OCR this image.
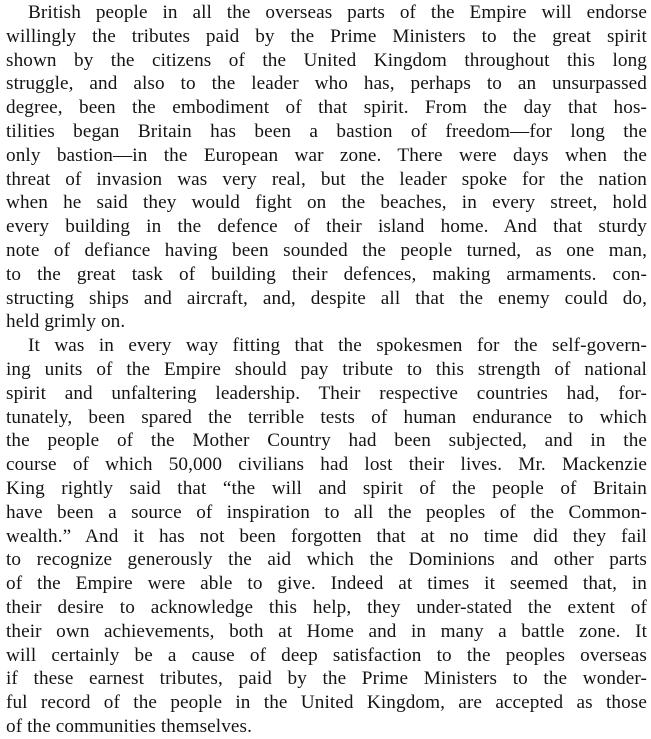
British people in all the overseas parts of the Empire will endorse
willingly the tributes paid by the Prime Ministers to the great spirit
shown by the citizens of the United Kingdom throughout this long
struggle, and also to the leader who has, perhaps to an unsurpassed
degree, been the embodiment of that spirit. From the day that hos-
tilities began Britain has been a bastion of freedom—for long the
only bastion—in the European war zone. There were days when the
threat of invasion was very real, but the leader spoke for the nation
when he said they would fight on the beaches, in every street, hold
every building in the defence of their island home. And that sturdy
note of defiance having been sounded the people turned, as one man,
to the great task of building their defences, making armaments. con-
structing ships and aircraft, and, despite all that the enemy could do,
held grimly on.
It was in every way fitting that the spokesmen for the self-govern-
ing units of the Empire should pay tribute to this strength of national
spirit and unfaltering leadership. Their respective countries had, for-
tunately, been spared the terrible tests of human endurance to which
the people of the Mother Country had been subjected, and in the
course of which 50,000 civilians had lost their lives. Mr. Mackenzie
King rightly said that “the will and spirit of the people of Britain
have been a source of inspiration to all the peoples of the Common-
wealth.” And it has not been forgotten that at no time did they fail
to recognize generously the aid which the Dominions and other parts
of the Empire were able to give. Indeed at times it seemed that, in
their desire to acknowledge this help, they under-stated the extent of
their own achievements, both at Home and in many a battle zone. It
will certainly be a cause of deep satisfaction to the peoples overseas
if these earnest tributes, paid by the Prime Ministers to the wonder-
ful record of the people in the United Kingdom, are accepted as those
of the communities themselves.
